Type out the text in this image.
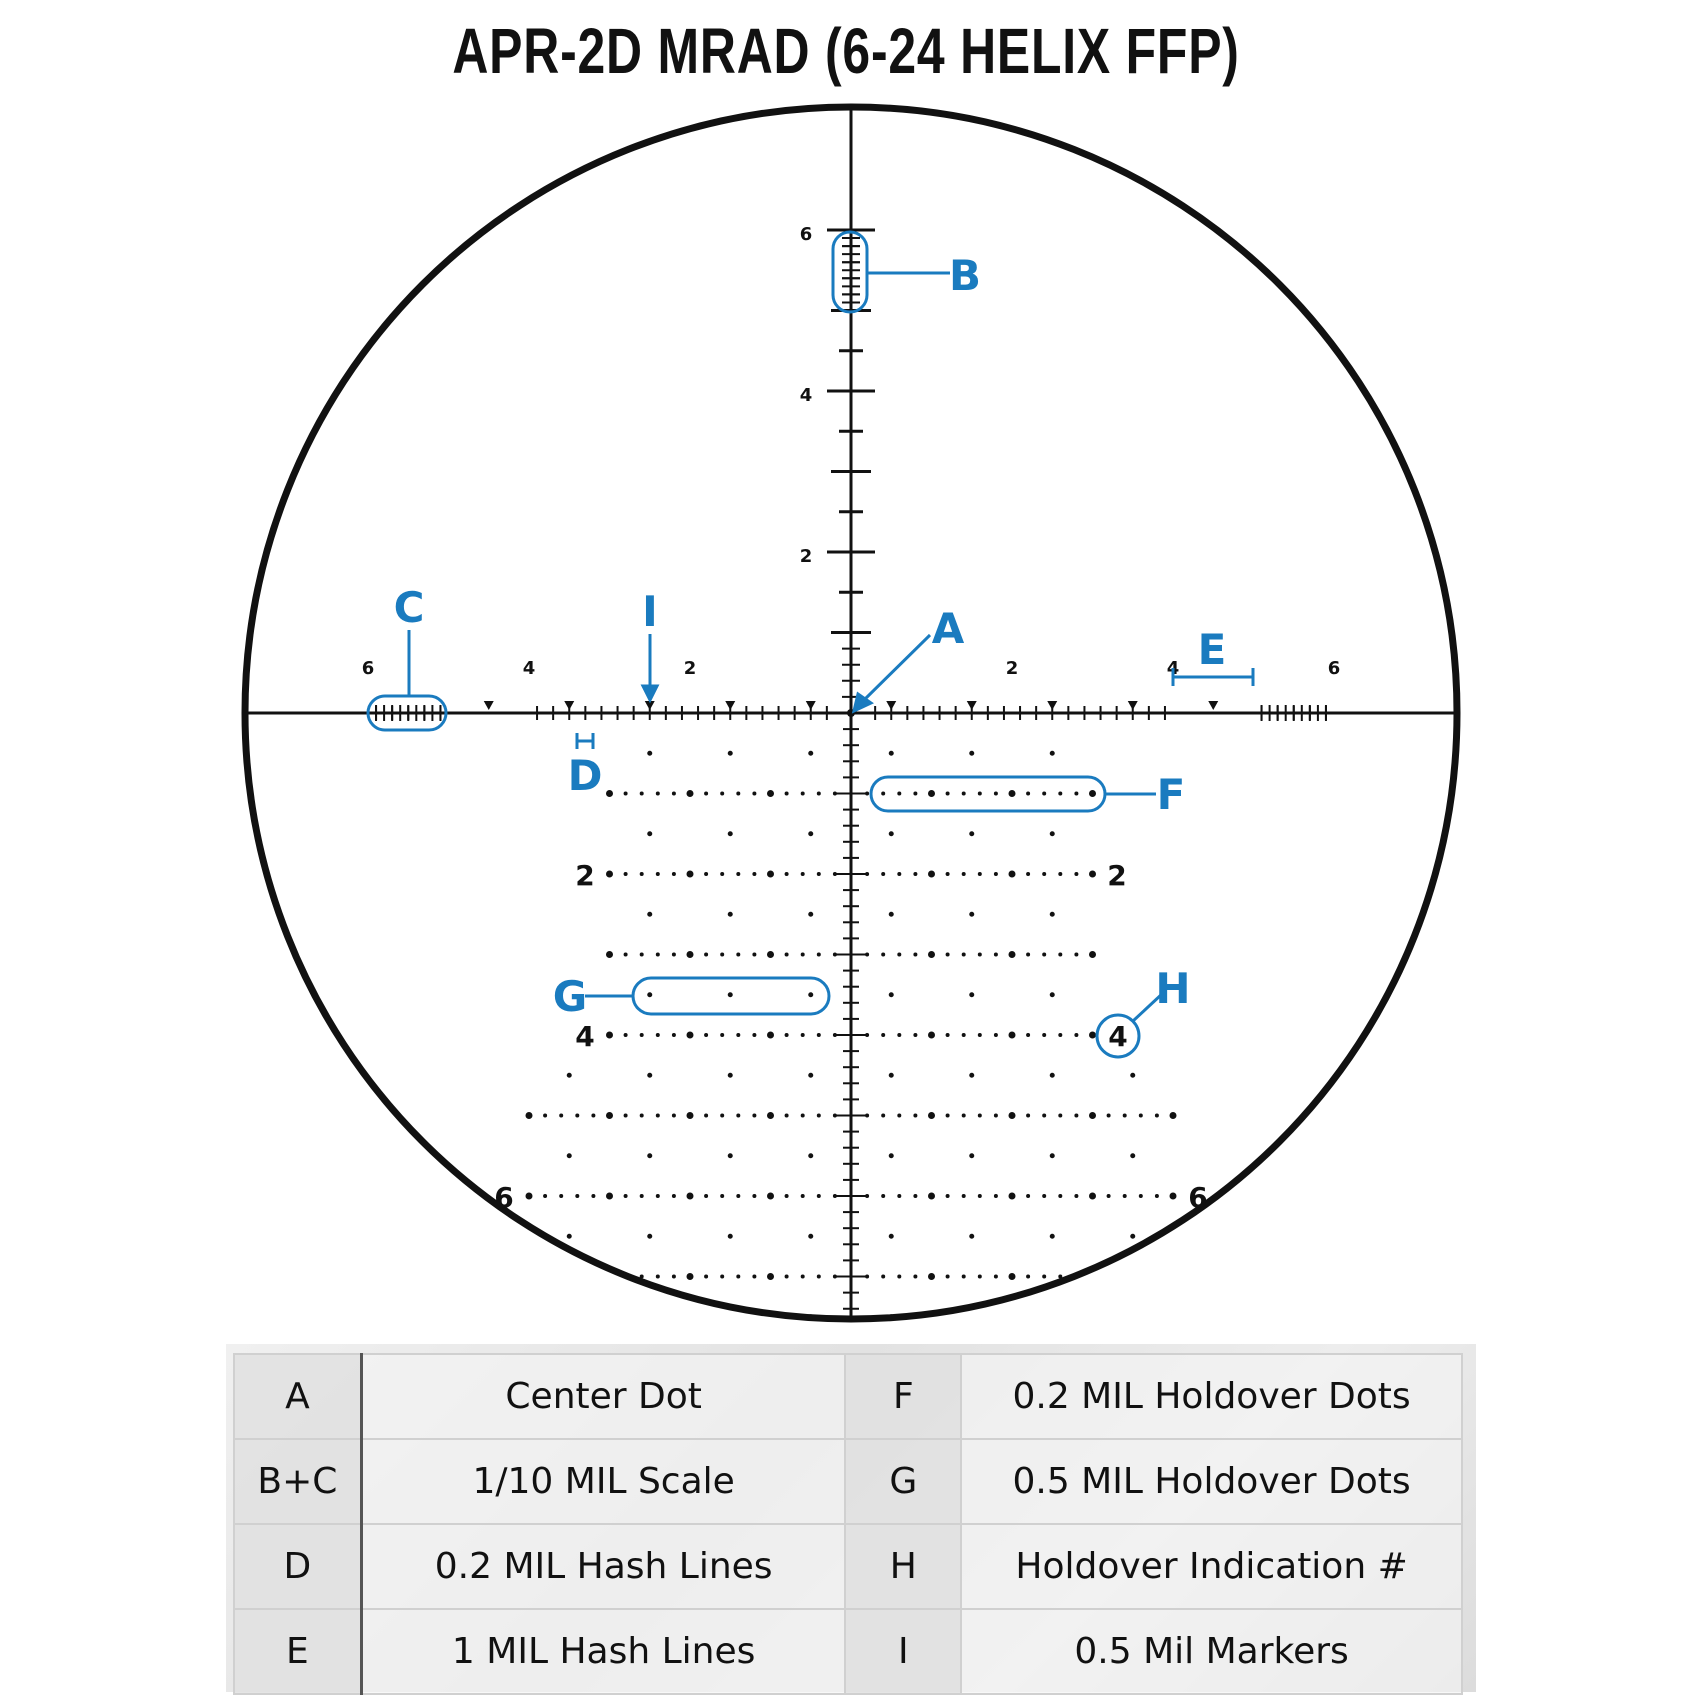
APR-2D MRAD (6-24 HELIX FFP)
6
4
2
6	4	2	2	4	6
2
4
6
2
6
4
A
B
C
D
E
F
G	H
I
A	Center Dot	F	0.2 MIL Holdover Dots
B+C	1/10 MIL Scale	G	0.5 MIL Holdover Dots
D	0.2 MIL Hash Lines	H	Holdover Indication #
E	1 MIL Hash Lines	I	0.5 Mil Markers
